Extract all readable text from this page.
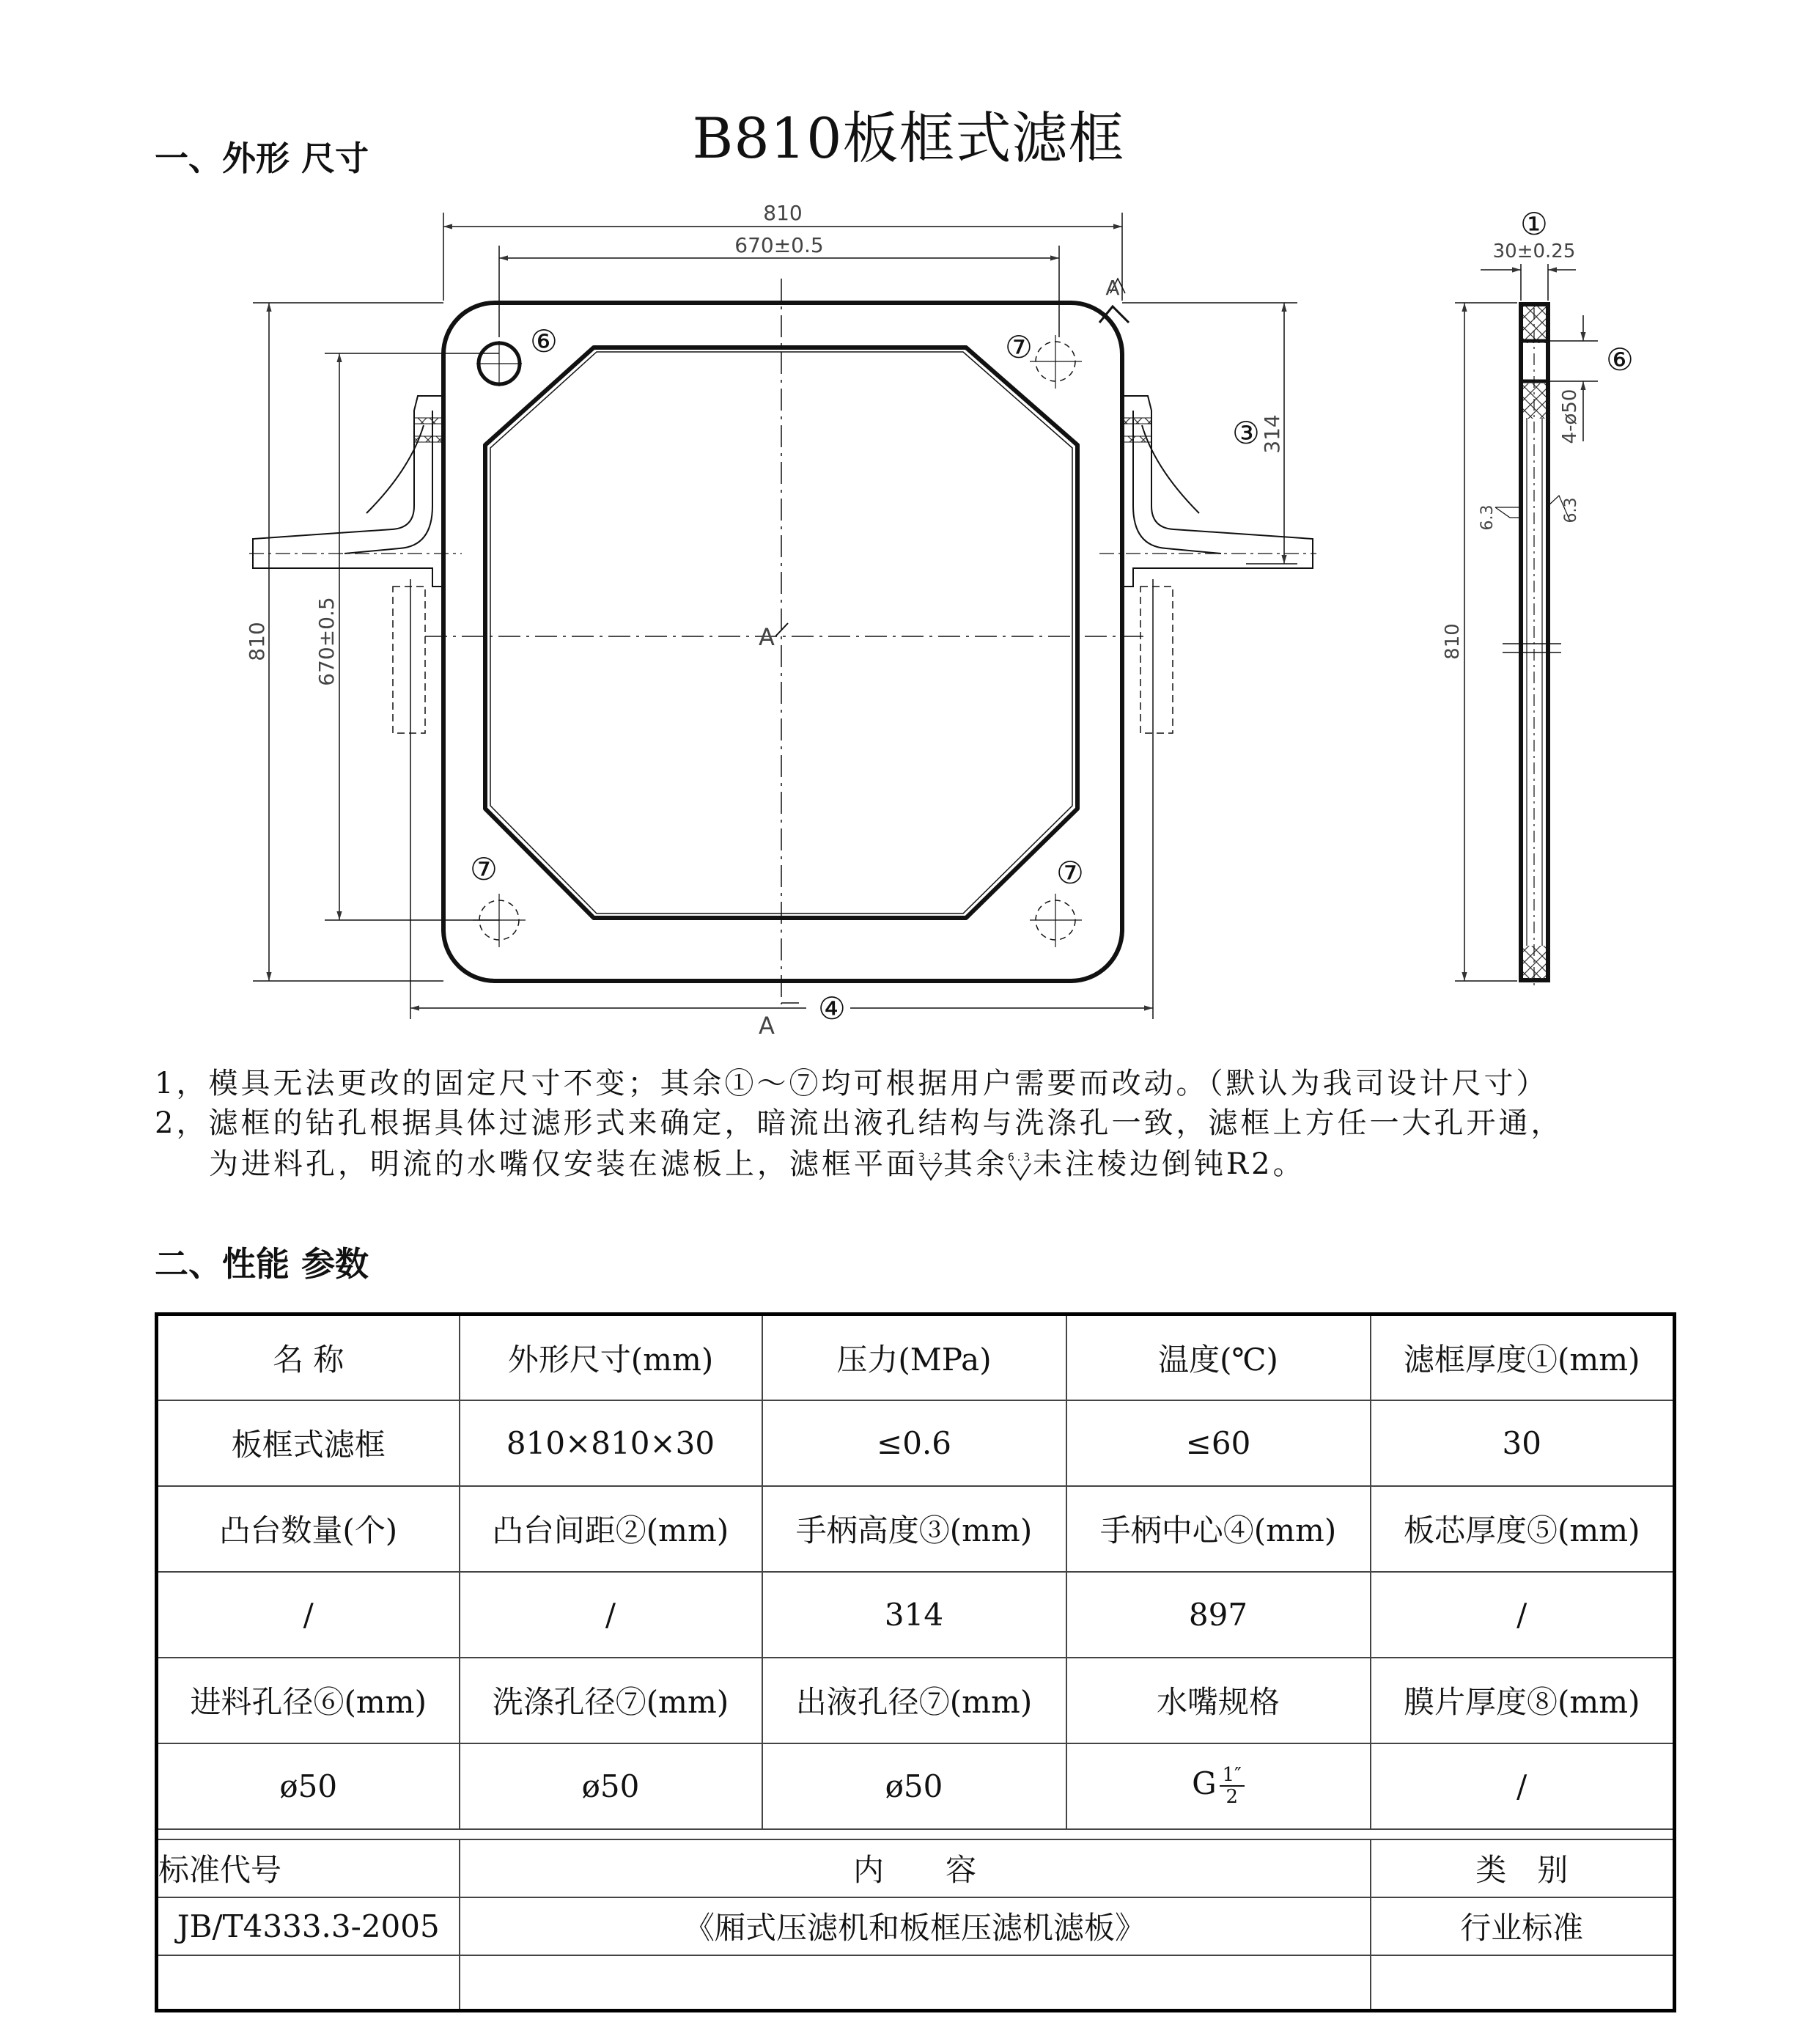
B810板框式滤框
一、外形 尺寸
810
670±0.5
810 670±0.5
314
A
A
A
⑥	⑦
⑦	⑦
③
④
30±0.25
4-ø50
6.3	6.3
810
①
⑥
1，模具无法更改的固定尺寸不变；其余①～⑦均可根据用户需要而改动。（默认为我司设计尺寸）
2，滤框的钻孔根据具体过滤形式来确定，暗流出液孔结构与洗涤孔一致，滤框上方任一大孔开通，
为进料孔，明流的水嘴仅安装在滤板上，滤框平面 3.2 其余 6.3 未注棱边倒钝R2。
二、性能 参数
名 称	外形尺寸(mm)	压力(MPa)	温度(℃)	滤框厚度①(mm)
板框式滤框	810×810×30	≤0.6	≤60	30
凸台数量(个)	凸台间距②(mm)	手柄高度③(mm)	手柄中心④(mm)	板芯厚度⑤(mm)
/	/	314	897	/
进料孔径⑥(mm)	洗涤孔径⑦(mm)	出液孔径⑦(mm)	水嘴规格	膜片厚度⑧(mm)
ø50	ø50	ø50	G $\frac{1''}{2}$	/

标准代号	内　　容			类　别
JB/T4333.3-2005	《厢式压滤机和板框压滤机滤板》			行业标准
